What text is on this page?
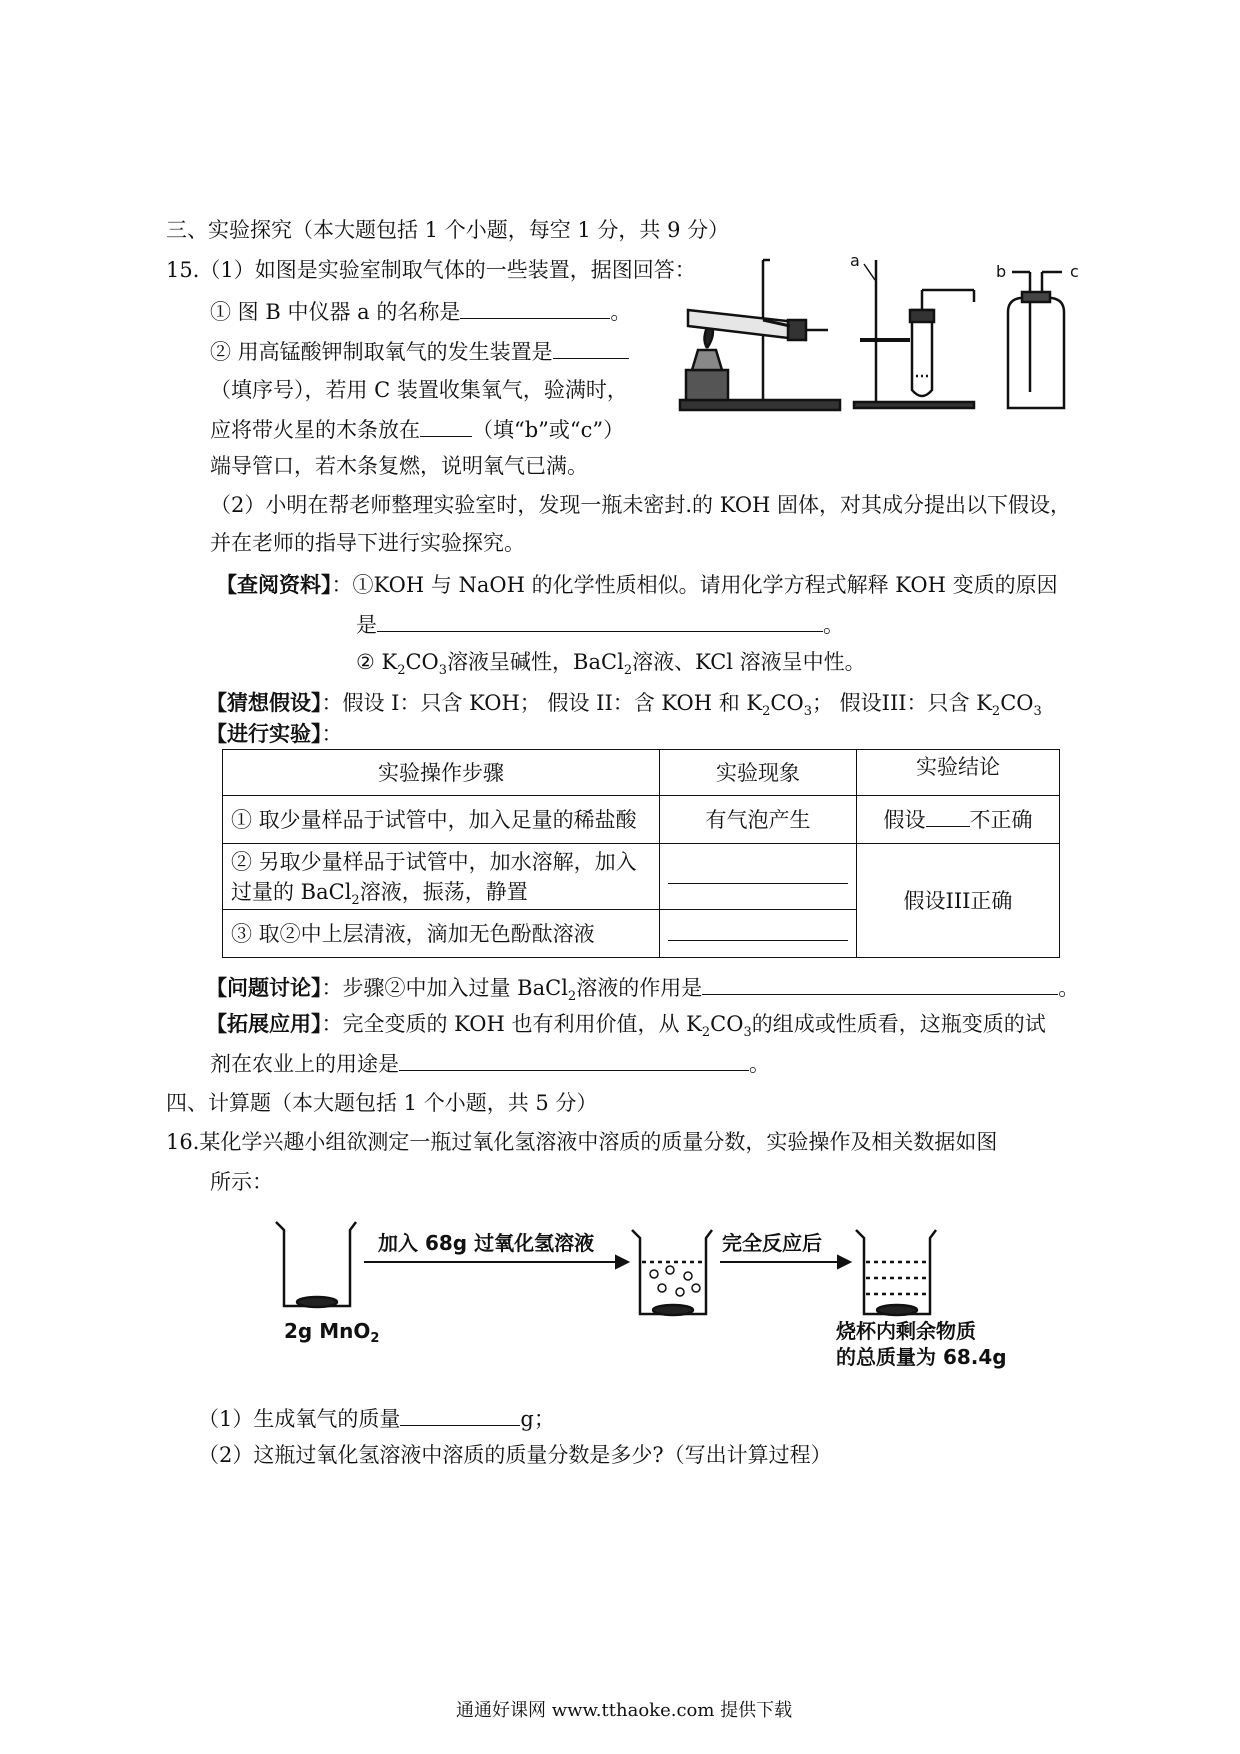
三、实验探究（本大题包括 1 个小题，每空 1 分，共 9 分）
15.（1）如图是实验室制取气体的一些装置，据图回答：
① 图 B 中仪器 a 的名称是	。
② 用高锰酸钾制取氧气的发生装置是
（填序号），若用 C 装置收集氧气，验满时，
应将带火星的木条放在 （填“b”或“c”）
端导管口，若木条复燃，说明氧气已满。
a
b	c
（2）小明在帮老师整理实验室时，发现一瓶未密封.的 KOH 固体，对其成分提出以下假设，
并在老师的指导下进行实验探究。
【查阅资料】：①KOH 与 NaOH 的化学性质相似。请用化学方程式解释 KOH 变质的原因
是	。
② $K_2CO_3$溶液呈碱性，BaCl$_2$溶液、KCl 溶液呈中性。
【猜想假设】：假设 I：只含 KOH； 假设 II：含 KOH 和 $K_2CO_3$； 假设III：只含 $K_2CO_3$
【进行实验】：
实验操作步骤	实验现象	实验结论
① 取少量样品于试管中，加入足量的稀盐酸	有气泡产生	假设 不正确

② 另取少量样品于试管中，加水溶解，加入
过量的 BaCl$_2$溶液，振荡，静置		假设III正确
③ 取②中上层清液，滴加无色酚酞溶液		
【问题讨论】：步骤②中加入过量 BaCl$_2$溶液的作用是	。
【拓展应用】：完全变质的 KOH 也有利用价值，从 $K_2CO_3$的组成或性质看，这瓶变质的试
剂在农业上的用途是	。
四、计算题（本大题包括 1 个小题，共 5 分）
16.某化学兴趣小组欲测定一瓶过氧化氢溶液中溶质的质量分数，实验操作及相关数据如图
所示：
2g MnO$_2$
加入 68g 过氧化氢溶液	完全反应后
烧杯内剩余物质
的总质量为 68.4g
（1）生成氧气的质量	g；
（2）这瓶过氧化氢溶液中溶质的质量分数是多少?（写出计算过程）
通通好课网 www.tthaoke.com 提供下载
